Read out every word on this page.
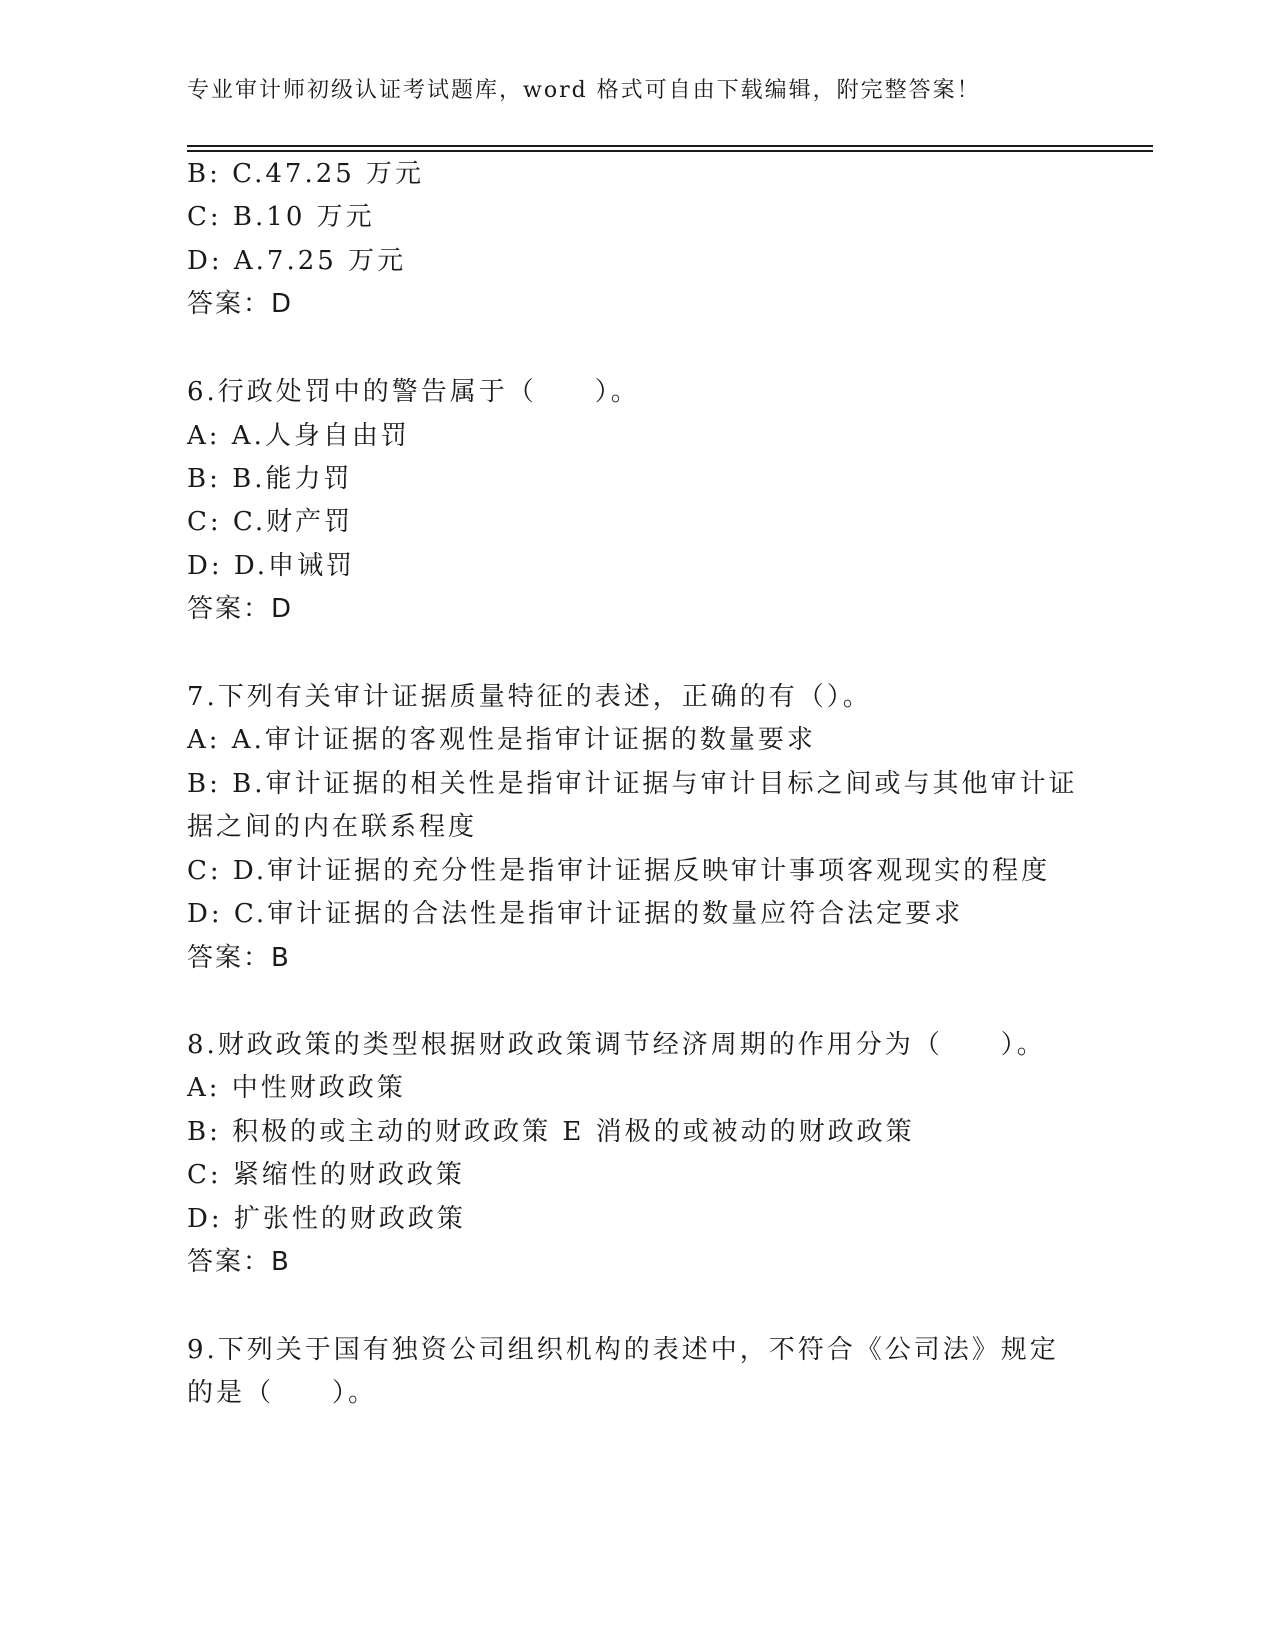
专业审计师初级认证考试题库，word 格式可自由下载编辑，附完整答案！
B: C.47.25 万元
C: B.10 万元
D: A.7.25 万元
答案：D
6.行政处罚中的警告属于（　　）。
A: A.人身自由罚
B: B.能力罚
C: C.财产罚
D: D.申诫罚
答案：D
7.下列有关审计证据质量特征的表述，正确的有（）。
A: A.审计证据的客观性是指审计证据的数量要求
B: B.审计证据的相关性是指审计证据与审计目标之间或与其他审计证
据之间的内在联系程度
C: D.审计证据的充分性是指审计证据反映审计事项客观现实的程度
D: C.审计证据的合法性是指审计证据的数量应符合法定要求
答案：B
8.财政政策的类型根据财政政策调节经济周期的作用分为（　　）。
A: 中性财政政策
B: 积极的或主动的财政政策 E 消极的或被动的财政政策
C: 紧缩性的财政政策
D: 扩张性的财政政策
答案：B
9.下列关于国有独资公司组织机构的表述中，不符合《公司法》规定
的是（　　）。
